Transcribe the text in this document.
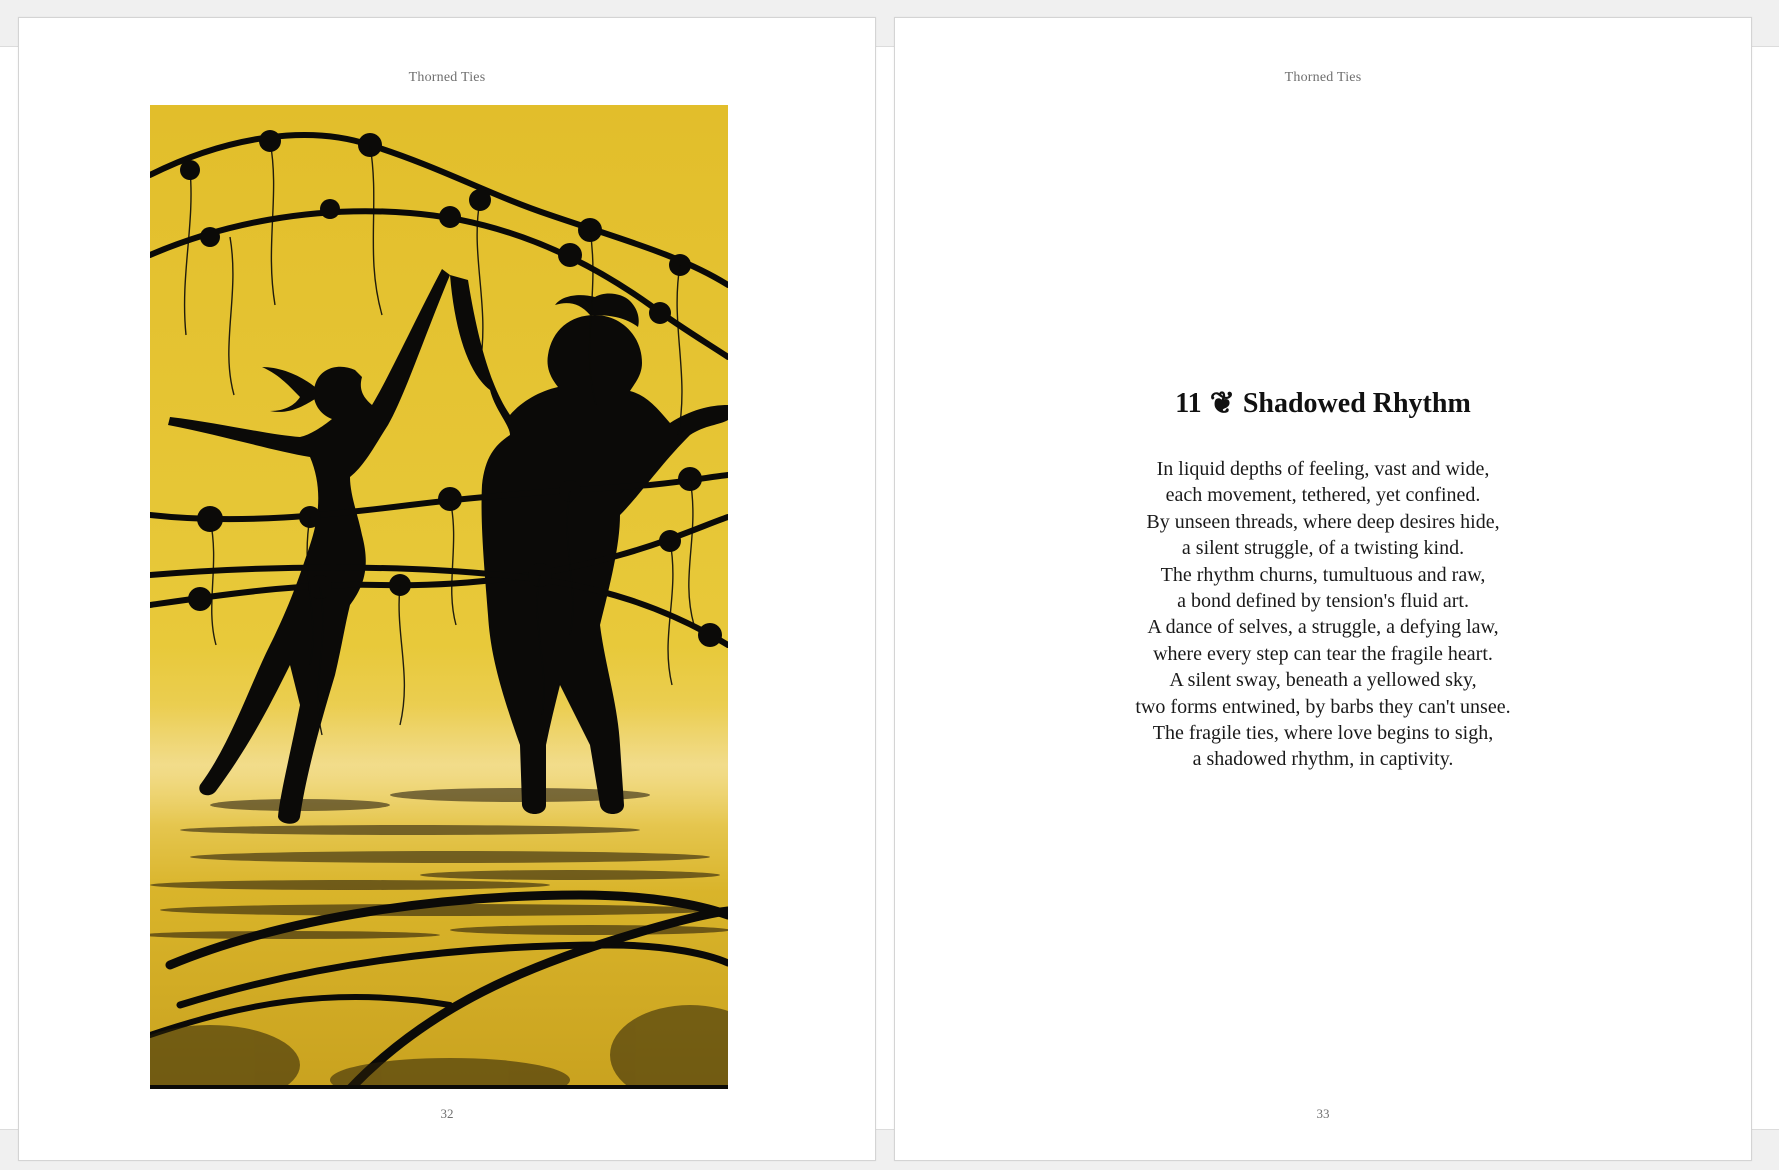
Thorned Ties
32
Thorned Ties
11 ❦ Shadowed Rhythm
In liquid depths of feeling, vast and wide,
each movement, tethered, yet confined.
By unseen threads, where deep desires hide,
a silent struggle, of a twisting kind.
The rhythm churns, tumultuous and raw,
a bond defined by tension's fluid art.
A dance of selves, a struggle, a defying law,
where every step can tear the fragile heart.
A silent sway, beneath a yellowed sky,
two forms entwined, by barbs they can't unsee.
The fragile ties, where love begins to sigh,
a shadowed rhythm, in captivity.
33
